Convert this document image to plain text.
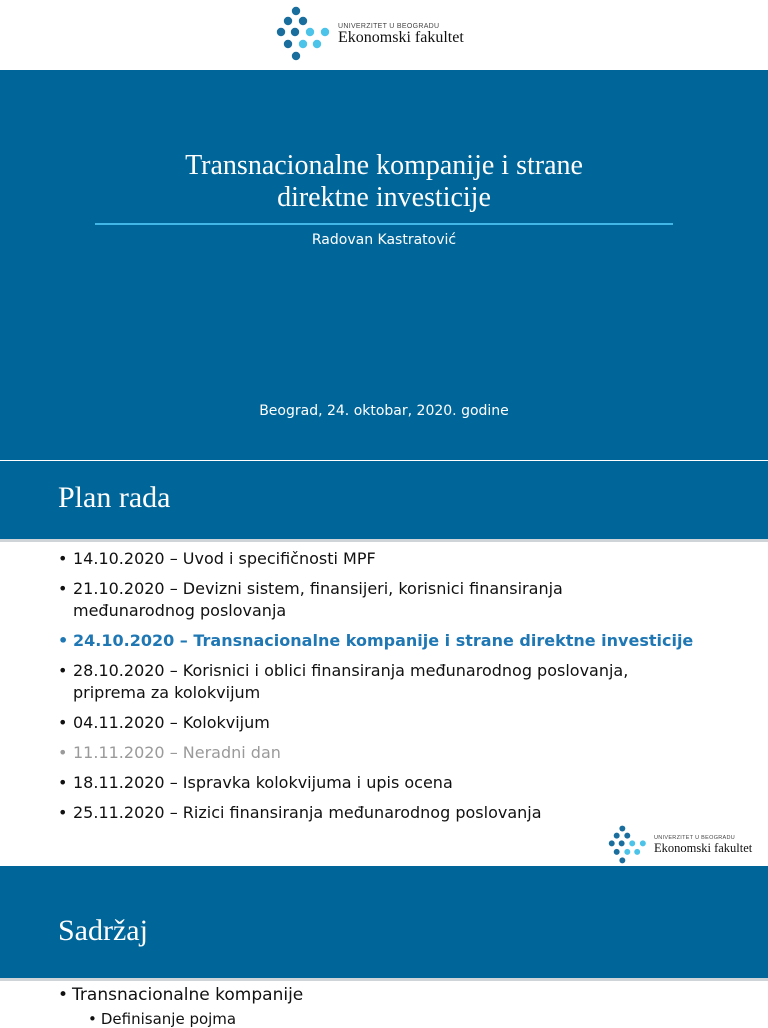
UNIVERZITET U BEOGRADU
Ekonomski fakultet
Transnacionalne kompanije i strane
direktne investicije
Radovan Kastratović
Beograd, 24. oktobar, 2020. godine
Plan rada
• 14.10.2020 – Uvod i specifičnosti MPF
• 21.10.2020 – Devizni sistem, finansijeri, korisnici finansiranja
međunarodnog poslovanja
• 24.10.2020 – Transnacionalne kompanije i strane direktne investicije
• 28.10.2020 – Korisnici i oblici finansiranja međunarodnog poslovanja,
priprema za kolokvijum
• 04.11.2020 – Kolokvijum
• 11.11.2020 – Neradni dan
• 18.11.2020 – Ispravka kolokvijuma i upis ocena
• 25.11.2020 – Rizici finansiranja međunarodnog poslovanja
UNIVERZITET U BEOGRADU
Ekonomski fakultet
Sadržaj
• Transnacionalne kompanije
• Definisanje pojma
